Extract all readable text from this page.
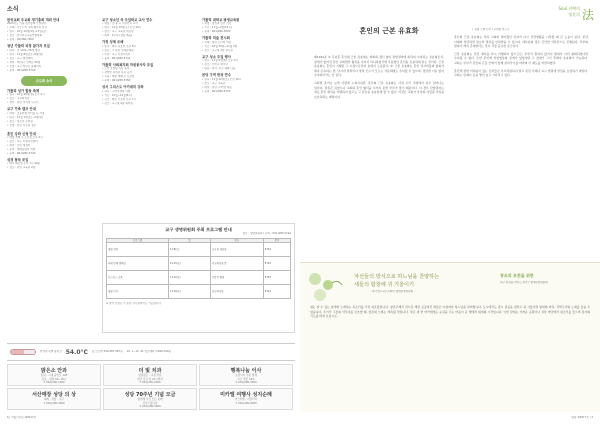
소식
한국교회 주교회 정기총회 개최 안내
2025년도 가을 정기총회가 열린다.
• 주제 : 시노드적 교회 쇄신과 선교
• 일시 : 10월 14일(화)~17일(금)
• 장소 : 한국천주교중앙협의회
• 문의 : 02)460-7500
청년 가톨릭 피정 참가자 모집
• 대상 : 만 19세~35세 청년
• 일시 : 11월 8일(토)~9일(일)
• 장소 : 교구 영성센터
• 회비 : 3만원 / 선착순 40명
• 신청 : 교구 청년국 홈페이지
• 문의 : 061)280-5700
수도회 소식
가톨릭 성가 합창 축제
• 일시 : 10월 26일(일) 오후 2시
• 장소 : 주교좌성당
• 참가 : 본당 성가대 누구나
교구 가족 캠프 안내
• 대상 : 초등학생 자녀를 둔 가정
• 일시 : 11월 1일(토)~2일(일)
• 장소 : 청소년 수련원
• 신청 : 본당 사무실 접수
혼인 강좌 신청 안내
• 매월 첫째 주 토요일 오후 2시
• 장소 : 교구 가정사목센터
• 대상 : 혼인 예정자
• 준비 : 세례증명서 지참
• 문의 : 061)280-5740
성경 통독 모임
• 매주 화요일 오후 7시 30분
• 장소 : 본당 교육관 2층
교구 청소년 국 주일학교 교사 연수
• 대상 : 초·중·고 주일학교 교사
• 일시 : 11월 15일(토) 오전 10시
• 장소 : 교구 교육관 대강당
• 회비 : 1만원 (점심 제공)
가정 성체 조배
• 일시 : 매주 목요일 오후 8시
• 장소 : 각 본당 성체조배실
• 주관 : 교구 가정사목부
• 문의 : 061)280-5741
가톨릭 사회복지회 자원봉사자 모집
• 노인 요양원 식사 봉사
• 장애인 복지관 목욕 봉사
• 교육 : 매월 셋째 주 토요일
• 문의 : 061)280-5780
성서 그리스도 아카데미 강좌
• 과목 : 구약성경의 이해
• 기간 : 11월~12월(8주)
• 시간 : 매주 수요일 오후 7시
• 장소 : 교구청 2층 회의실
가톨릭 대학교 평생교육원
• 과정 : 영성과 상담 기초
• 기간 : 11월~2월(12주)
• 문의 : 061)280-5000
가톨릭 미술 전시회
• 주제 : 빛과 소리의 여정
• 기간 : 10월 20일~11월 5일
• 장소 : 교구청 1층 전시실
교구 성소 주일 행사
• 일시 : 11월 2일(일) 오후 3시
• 장소 : 신학교 대성당
• 내용 : 미사, 성소 체험 나눔
본당 구역 반장 연수
• 일시 : 11월 22일(토) 오전 10시
• 장소 : 교구 교육관
• 대상 : 본당 구역·반 대표
• 문의 : 061)280-5720
교구 생명위원회 주최 프로그램 안내
접수 : 생명위원회 / 문의 : 061)280-5744
프로그램	일	장소	문의
생명 강좌	11.8(토)	교구청 대강당	5744
낙태 반대 캠페인	11.15(토)	주교좌성당 앞	5744
호스피스 교육	11.22(토)	가톨릭 병원	5745
생명 미사	11.29(토)	주교좌성당	5744
※ 참가 신청은 각 본당 사무실에서도 가능합니다.
한가위 특별 봉헌금 54.0°C 총 모금액 540,487,487원 10. 1~12. 31 입금계좌 1,990,100원
맑은소 안과
본원 : 시내 중앙로 128
진료 : 평일 09~18시
T. 061)280-1000
더 빛 치과
임플란트 · 교정 전문
야간 진료 목 21시까지
T. 061)280-2000
행복나눔 이사
포장이사 전문 업체
교우 할인 10%
T. 061)280-3000
서산매장 성당 의 상
제의 · 성물 · 성구
T. 061)280-4000
성당 70주년 기념 모금
참여해 주신 모든 분께
감사드립니다
T. 061)280-5000
미카엘 여행사 성지순례
이스라엘 · 이탈리아
T. 061)280-6000
6 | 가톨릭신문 제2017호
Soul 선택의
영혼의 法
혼인의 근본 유효화	• 김철 노엘 신부 / 교회법 연구소

제1161조 ① 무효혼 혼인의 근본 유효화는 합의의 갱신 없이 관할권자에 의하여 수여되는 유효화로서, 장애가 없어진 혼인 교회법상 형식을 지키지 아니하였기에 무효였던 혼인을 유효하게 하는 것이다. 근본 유효화는 혼인이 거행된 그 시점으로부터 효력이 소급된다. ② 근본 유효화는 혼인 당사자들의 합의가 계속 존속하는 한, 당사자 한쪽이나 양쪽 모두가 모르는 가운데에도 수여될 수 있으며, 정당한 이유 없이 수여되어서는 안 된다.

교회법 용어로 보면 어렵게 느껴지지만, 혼인의 근본 유효화는 사실 우리 주변에서 자주 일어나는 일이다. 결혼은 하였으나 교회의 혼인 형식을 지키지 못한 부부가 많기 때문이다. 이 경우 관할권자는 새로 혼인 예식을 거행하지 않고도 그 혼인을 유효하게 할 수 있다. 이것은 교회가 부부의 사랑과 가정을 보호하려는 배려이다.

혼인의 근본 유효화는 특히 교회와 멀어졌던 신자가 다시 신앙생활을 시작할 때 큰 도움이 된다. 본당 사제와 상담하면 필요한 절차를 안내받을 수 있으며, 대부분의 경우 간단한 서류만으로 진행된다. 부부의 합의가 계속 존재한다는 것이 가장 중요한 조건이다.

근본 유효화는 혼인 예식을 다시 거행하지 않으므로, 부부가 원하지 않거나 합의가 이미 철회되었다면 수여될 수 없다. 또한 혼인에 자연법상의 장애가 있었다면 그 장애가 그친 후에야 유효화가 가능하다. 교회는 부부가 혼인의 은총 안에서 함께 살아가기를 바라며 이 제도를 마련하였다.

혼인에 관한 어려움이 있는 신자들은 부끄러워하지 말고 본당 사제나 교구 법원에 상담을 요청하기 바란다. 교회는 언제나 문을 열어 놓고 기다리고 있다.

자선들의 방식으로 하느님을 찬양하는
새들의 합창에 귀 기울이기
– 한국천주교주교회의 생태환경위원회 –
창조의 보전을 위한
지구 환경을 지키는 실천 / 생태환경위원회

새는 날 수 있는 날개와 노래하는 목소리를 가진 피조물입니다. 창조주께서 지으신 세상 곳곳에서 새들은 아침마다 하느님을 찬미합니다. 도시에서도 잠시 걸음을 멈추고 귀 기울이면 참새와 까치, 직박구리의 노래를 들을 수 있습니다. 우리가 그들의 서식지를 보호할 때, 창조의 노래는 계속될 것입니다. 작은 새 한 마리에게도 눈길을 주는 마음이 곧 생태적 회개의 시작입니다. 이번 달에는 가까운 공원이나 성당 마당에서 새소리를 들으며 감사의 기도를 바쳐 보십시오.

영원 제2017호 | 3
